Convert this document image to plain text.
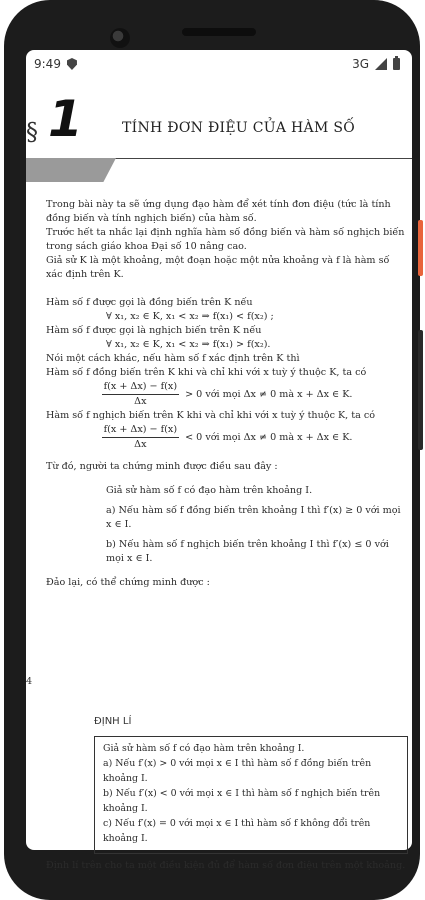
9:49	3G
§ 1	TÍNH ĐƠN ĐIỆU CỦA HÀM SỐ

Trong bài này ta sẽ ứng dụng đạo hàm để xét tính đơn điệu (tức là tính đồng biến và tính nghịch biến) của hàm số.

Trước hết ta nhắc lại định nghĩa hàm số đồng biến và hàm số nghịch biến trong sách giáo khoa Đại số 10 nâng cao.

Giả sử K là một khoảng, một đoạn hoặc một nửa khoảng và f là hàm số xác định trên K.

Hàm số f được gọi là đồng biến trên K nếu

∀ x₁, x₂ ∈ K, x₁ < x₂ ⇒ f(x₁) < f(x₂) ;

Hàm số f được gọi là nghịch biến trên K nếu

∀ x₁, x₂ ∈ K, x₁ < x₂ ⇒ f(x₁) > f(x₂).

Nói một cách khác, nếu hàm số f xác định trên K thì

Hàm số f đồng biến trên K khi và chỉ khi với x tuỳ ý thuộc K, ta có

$\frac{f(x + \Delta x) - f(x)}{\Delta x} > 0$ với mọi Δx ≠ 0 mà x + Δx ∈ K.

Hàm số f nghịch biến trên K khi và chỉ khi với x tuỳ ý thuộc K, ta có

$\frac{f(x + \Delta x) - f(x)}{\Delta x} < 0$ với mọi Δx ≠ 0 mà x + Δx ∈ K.

Từ đó, người ta chứng minh được điều sau đây :

Giả sử hàm số f có đạo hàm trên khoảng I.

a) Nếu hàm số f đồng biến trên khoảng I thì f′(x) ≥ 0 với mọi x ∈ I.

b) Nếu hàm số f nghịch biến trên khoảng I thì f′(x) ≤ 0 với mọi x ∈ I.

Đảo lại, có thể chứng minh được :

4
ĐỊNH LÍ

Giả sử hàm số f có đạo hàm trên khoảng I.

a) Nếu f′(x) > 0 với mọi x ∈ I thì hàm số f đồng biến trên khoảng I.

b) Nếu f′(x) < 0 với mọi x ∈ I thì hàm số f nghịch biến trên khoảng I.

c) Nếu f′(x) = 0 với mọi x ∈ I thì hàm số f không đổi trên khoảng I.

Định lí trên cho ta một điều kiện đủ để hàm số đơn điệu trên một khoảng.
